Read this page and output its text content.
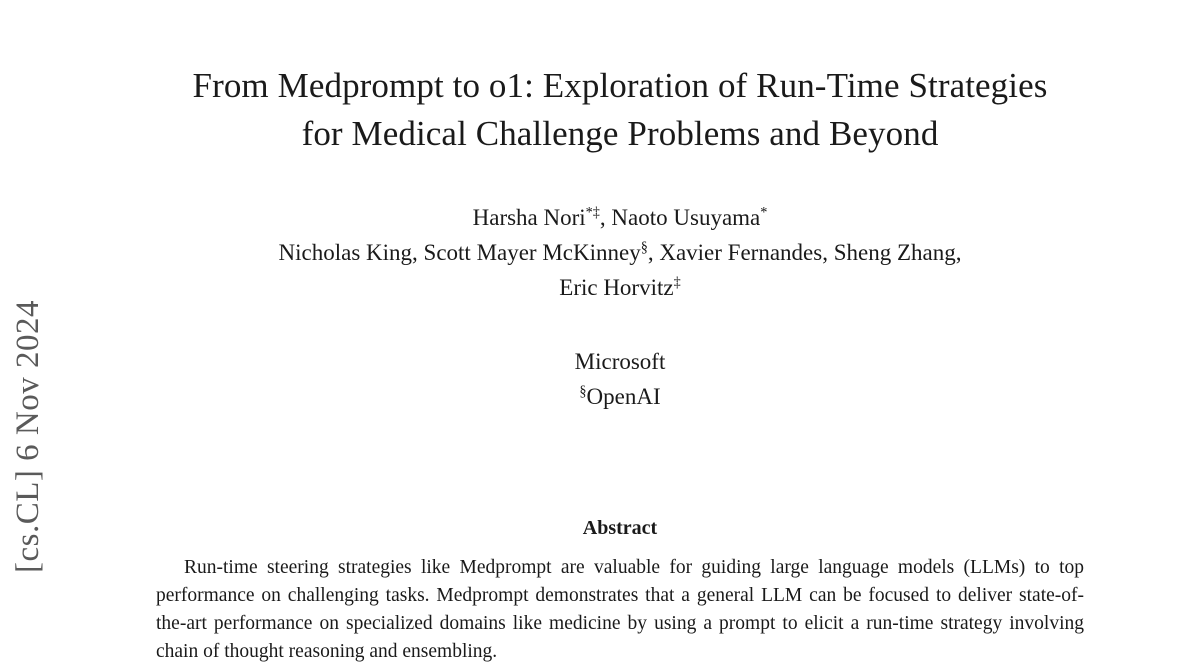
[cs.CL] 6 Nov 2024
From Medprompt to o1: Exploration of Run-Time Strategies
for Medical Challenge Problems and Beyond
Harsha Nori*‡, Naoto Usuyama*
Nicholas King, Scott Mayer McKinney§, Xavier Fernandes, Sheng Zhang,
Eric Horvitz‡
Microsoft
§OpenAI
Abstract
Run-time steering strategies like Medprompt are valuable for guiding large language models (LLMs) to top performance on challenging tasks. Medprompt demonstrates that a general LLM can be focused to deliver state-of-the-art performance on specialized domains like medicine by using a prompt to elicit a run-time strategy involving chain of thought reasoning and ensembling.
